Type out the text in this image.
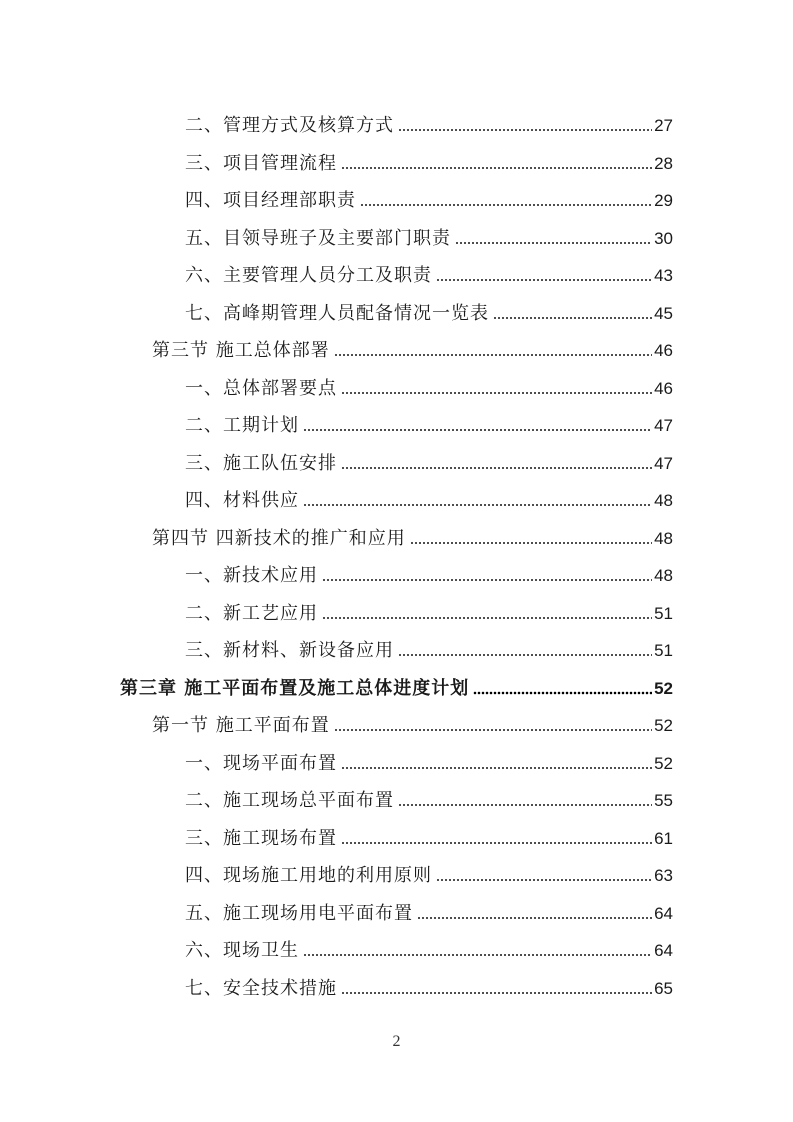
二、管理方式及核算方式	27
三、项目管理流程	28
四、项目经理部职责	29
五、目领导班子及主要部门职责	30
六、主要管理人员分工及职责	43
七、高峰期管理人员配备情况一览表	45
第三节 施工总体部署	46
一、总体部署要点	46
二、工期计划	47
三、施工队伍安排	47
四、材料供应	48
第四节 四新技术的推广和应用	48
一、新技术应用	48
二、新工艺应用	51
三、新材料、新设备应用	51
第三章 施工平面布置及施工总体进度计划	52
第一节 施工平面布置	52
一、现场平面布置	52
二、施工现场总平面布置	55
三、施工现场布置	61
四、现场施工用地的利用原则	63
五、施工现场用电平面布置	64
六、现场卫生	64
七、安全技术措施	65
2
